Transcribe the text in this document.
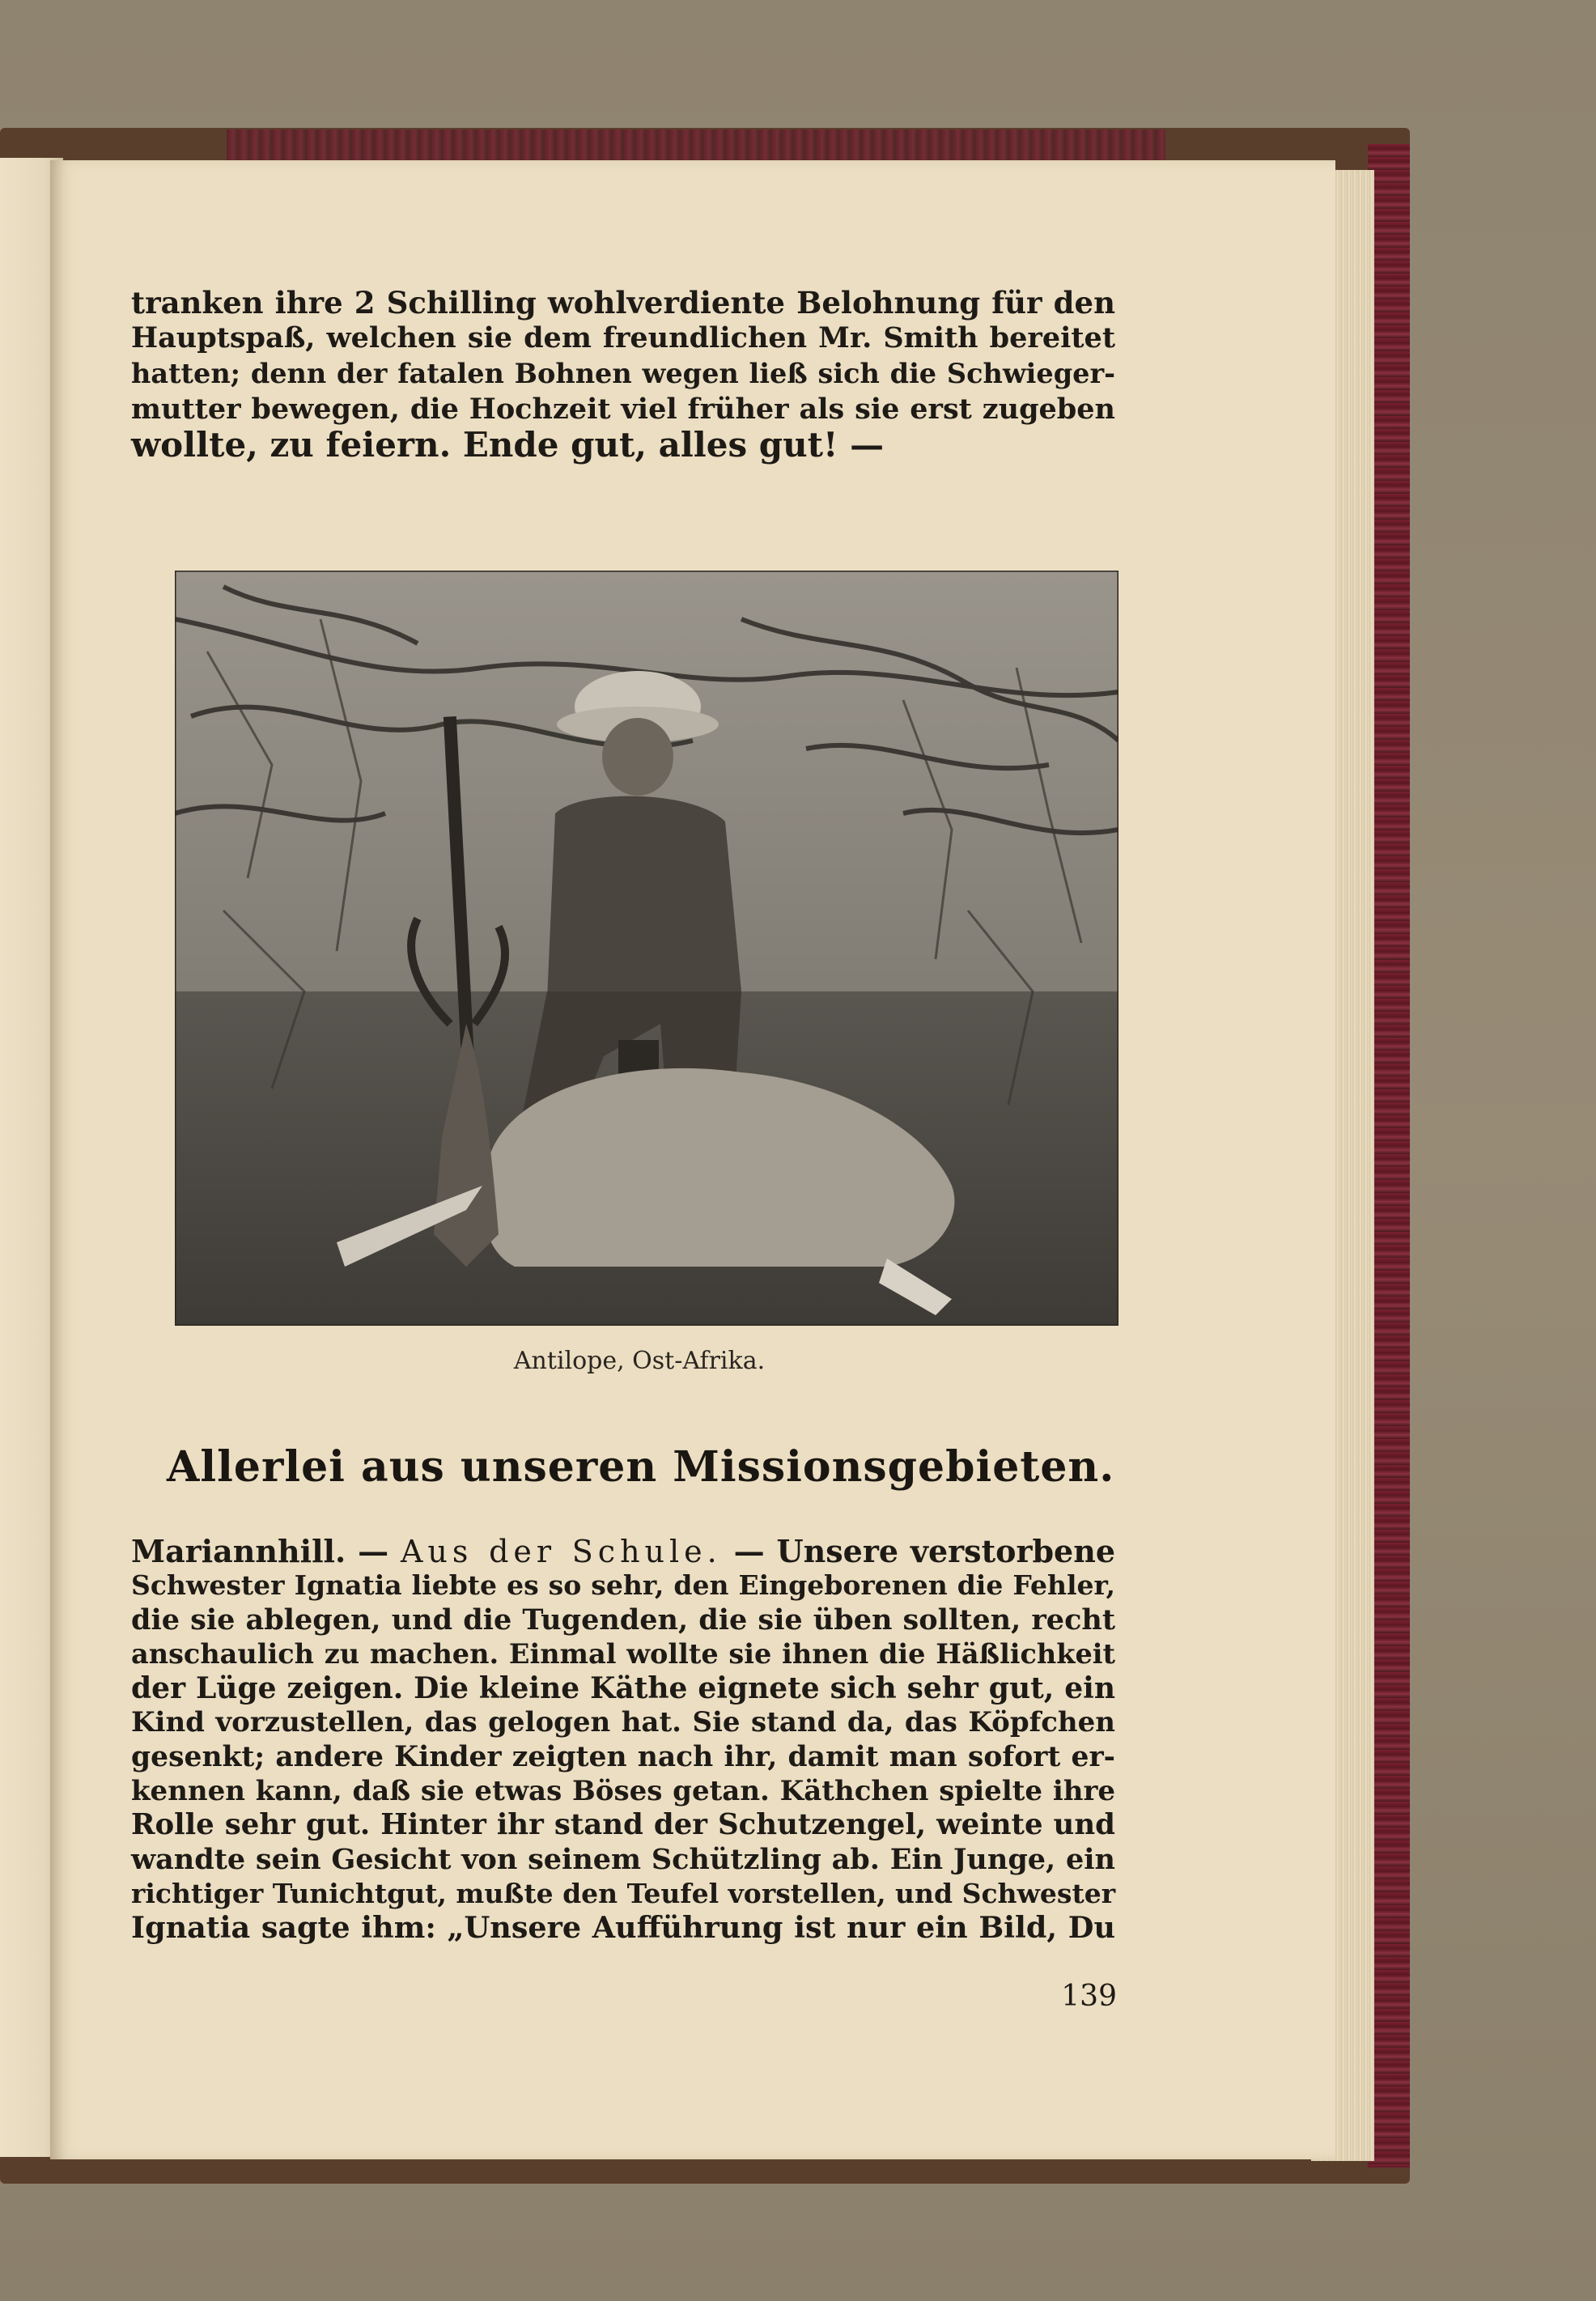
tranken ihre 2 Schilling wohlverdiente Belohnung für den
Hauptspaß, welchen sie dem freundlichen Mr. Smith bereitet
hatten; denn der fatalen Bohnen wegen ließ sich die Schwieger-
mutter bewegen, die Hochzeit viel früher als sie erst zugeben
wollte, zu feiern. Ende gut, alles gut! —
Antilope, Ost-Afrika.
Allerlei aus unseren Missionsgebieten.
Mariannhill. — Aus der Schule. — Unsere verstorbene
Schwester Ignatia liebte es so sehr, den Eingeborenen die Fehler,
die sie ablegen, und die Tugenden, die sie üben sollten, recht
anschaulich zu machen. Einmal wollte sie ihnen die Häßlichkeit
der Lüge zeigen. Die kleine Käthe eignete sich sehr gut, ein
Kind vorzustellen, das gelogen hat. Sie stand da, das Köpfchen
gesenkt; andere Kinder zeigten nach ihr, damit man sofort er-
kennen kann, daß sie etwas Böses getan. Käthchen spielte ihre
Rolle sehr gut. Hinter ihr stand der Schutzengel, weinte und
wandte sein Gesicht von seinem Schützling ab. Ein Junge, ein
richtiger Tunichtgut, mußte den Teufel vorstellen, und Schwester
Ignatia sagte ihm: „Unsere Aufführung ist nur ein Bild, Du
139
